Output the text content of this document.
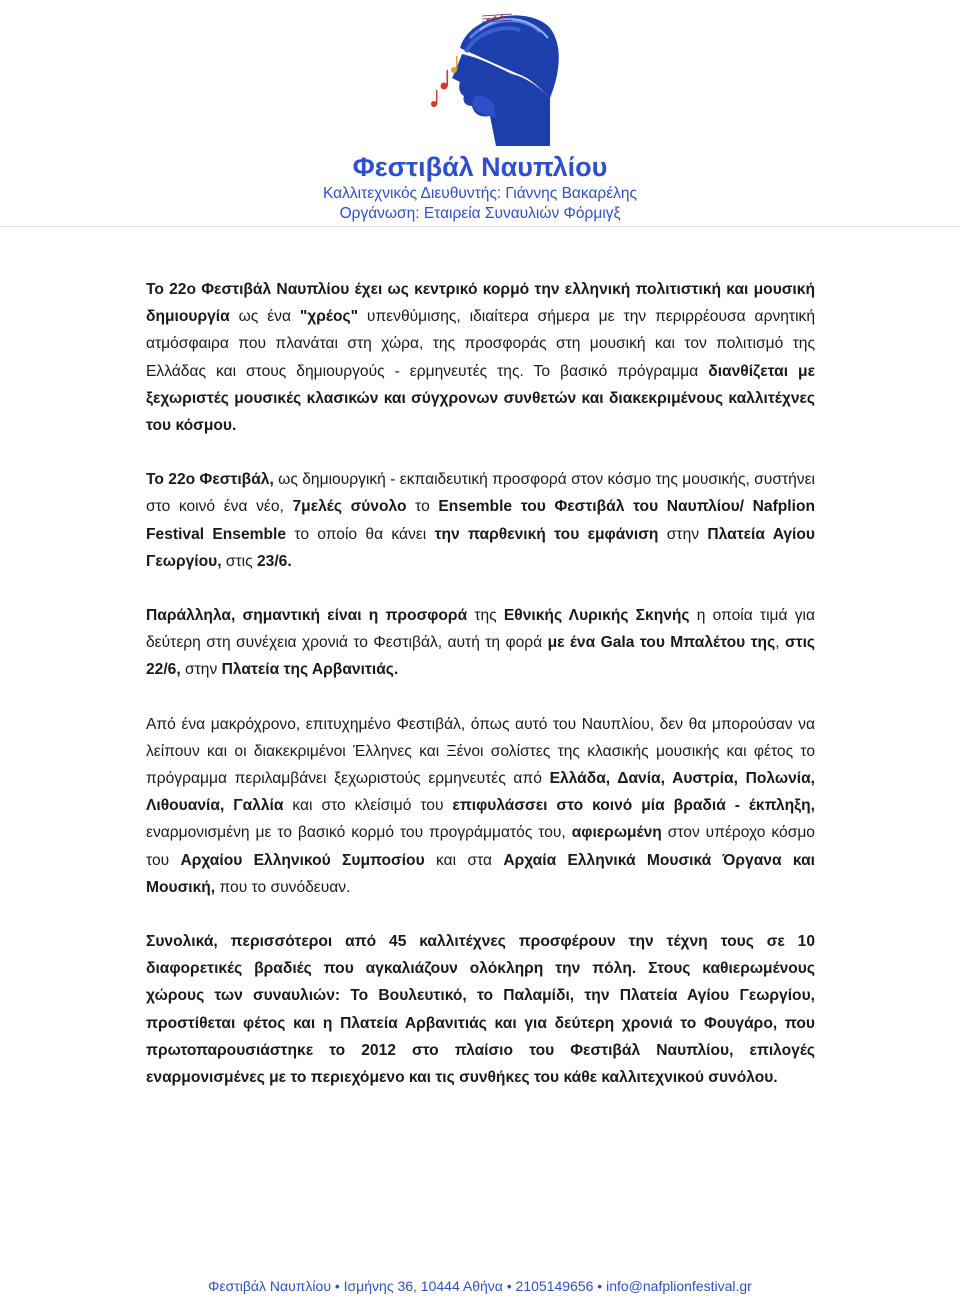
Φεστιβάλ Ναυπλίου

Καλλιτεχνικός Διευθυντής: Γιάννης Βακαρέλης

Οργάνωση: Εταιρεία Συναυλιών Φόρμιγξ

Το 22ο Φεστιβάλ Ναυπλίου έχει ως κεντρικό κορμό την ελληνική πολιτιστική και μουσική δημιουργία ως ένα "χρέος" υπενθύμισης, ιδιαίτερα σήμερα με την περιρρέουσα αρνητική ατμόσφαιρα που πλανάται στη χώρα, της προσφοράς στη μουσική και τον πολιτισμό της Ελλάδας και στους δημιουργούς - ερμηνευτές της. Το βασικό πρόγραμμα διανθίζεται με ξεχωριστές μουσικές κλασικών και σύγχρονων συνθετών και διακεκριμένους καλλιτέχνες του κόσμου.

Το 22ο Φεστιβάλ, ως δημιουργική - εκπαιδευτική προσφορά στον κόσμο της μουσικής, συστήνει στο κοινό ένα νέο, 7μελές σύνολο το Ensemble του Φεστιβάλ του Ναυπλίου/ Nafplion Festival Ensemble το οποίο θα κάνει την παρθενική του εμφάνιση στην Πλατεία Αγίου Γεωργίου, στις 23/6.

Παράλληλα, σημαντική είναι η προσφορά της Εθνικής Λυρικής Σκηνής η οποία τιμά για δεύτερη στη συνέχεια χρονιά το Φεστιβάλ, αυτή τη φορά με ένα Gala του Μπαλέτου της, στις 22/6, στην Πλατεία της Αρβανιτιάς.

Από ένα μακρόχρονο, επιτυχημένο Φεστιβάλ, όπως αυτό του Ναυπλίου, δεν θα μπορούσαν να λείπουν και οι διακεκριμένοι Έλληνες και Ξένοι σολίστες της κλασικής μουσικής και φέτος το πρόγραμμα περιλαμβάνει ξεχωριστούς ερμηνευτές από Ελλάδα, Δανία, Αυστρία, Πολωνία, Λιθουανία, Γαλλία και στο κλείσιμό του επιφυλάσσει στο κοινό μία βραδιά - έκπληξη, εναρμονισμένη με το βασικό κορμό του προγράμματός του, αφιερωμένη στον υπέροχο κόσμο του Αρχαίου Ελληνικού Συμποσίου και στα Αρχαία Ελληνικά Μουσικά Όργανα και Μουσική, που το συνόδευαν.

Συνολικά, περισσότεροι από 45 καλλιτέχνες προσφέρουν την τέχνη τους σε 10 διαφορετικές βραδιές που αγκαλιάζουν ολόκληρη την πόλη. Στους καθιερωμένους χώρους των συναυλιών: Το Βουλευτικό, το Παλαμίδι, την Πλατεία Αγίου Γεωργίου, προστίθεται φέτος και η Πλατεία Αρβανιτιάς και για δεύτερη χρονιά το Φουγάρο, που πρωτοπαρουσιάστηκε το 2012 στο πλαίσιο του Φεστιβάλ Ναυπλίου, επιλογές εναρμονισμένες με το περιεχόμενο και τις συνθήκες του κάθε καλλιτεχνικού συνόλου.

Φεστιβάλ Ναυπλίου • Ισμήνης 36, 10444 Αθήνα • 2105149656 • info@nafplionfestival.gr
